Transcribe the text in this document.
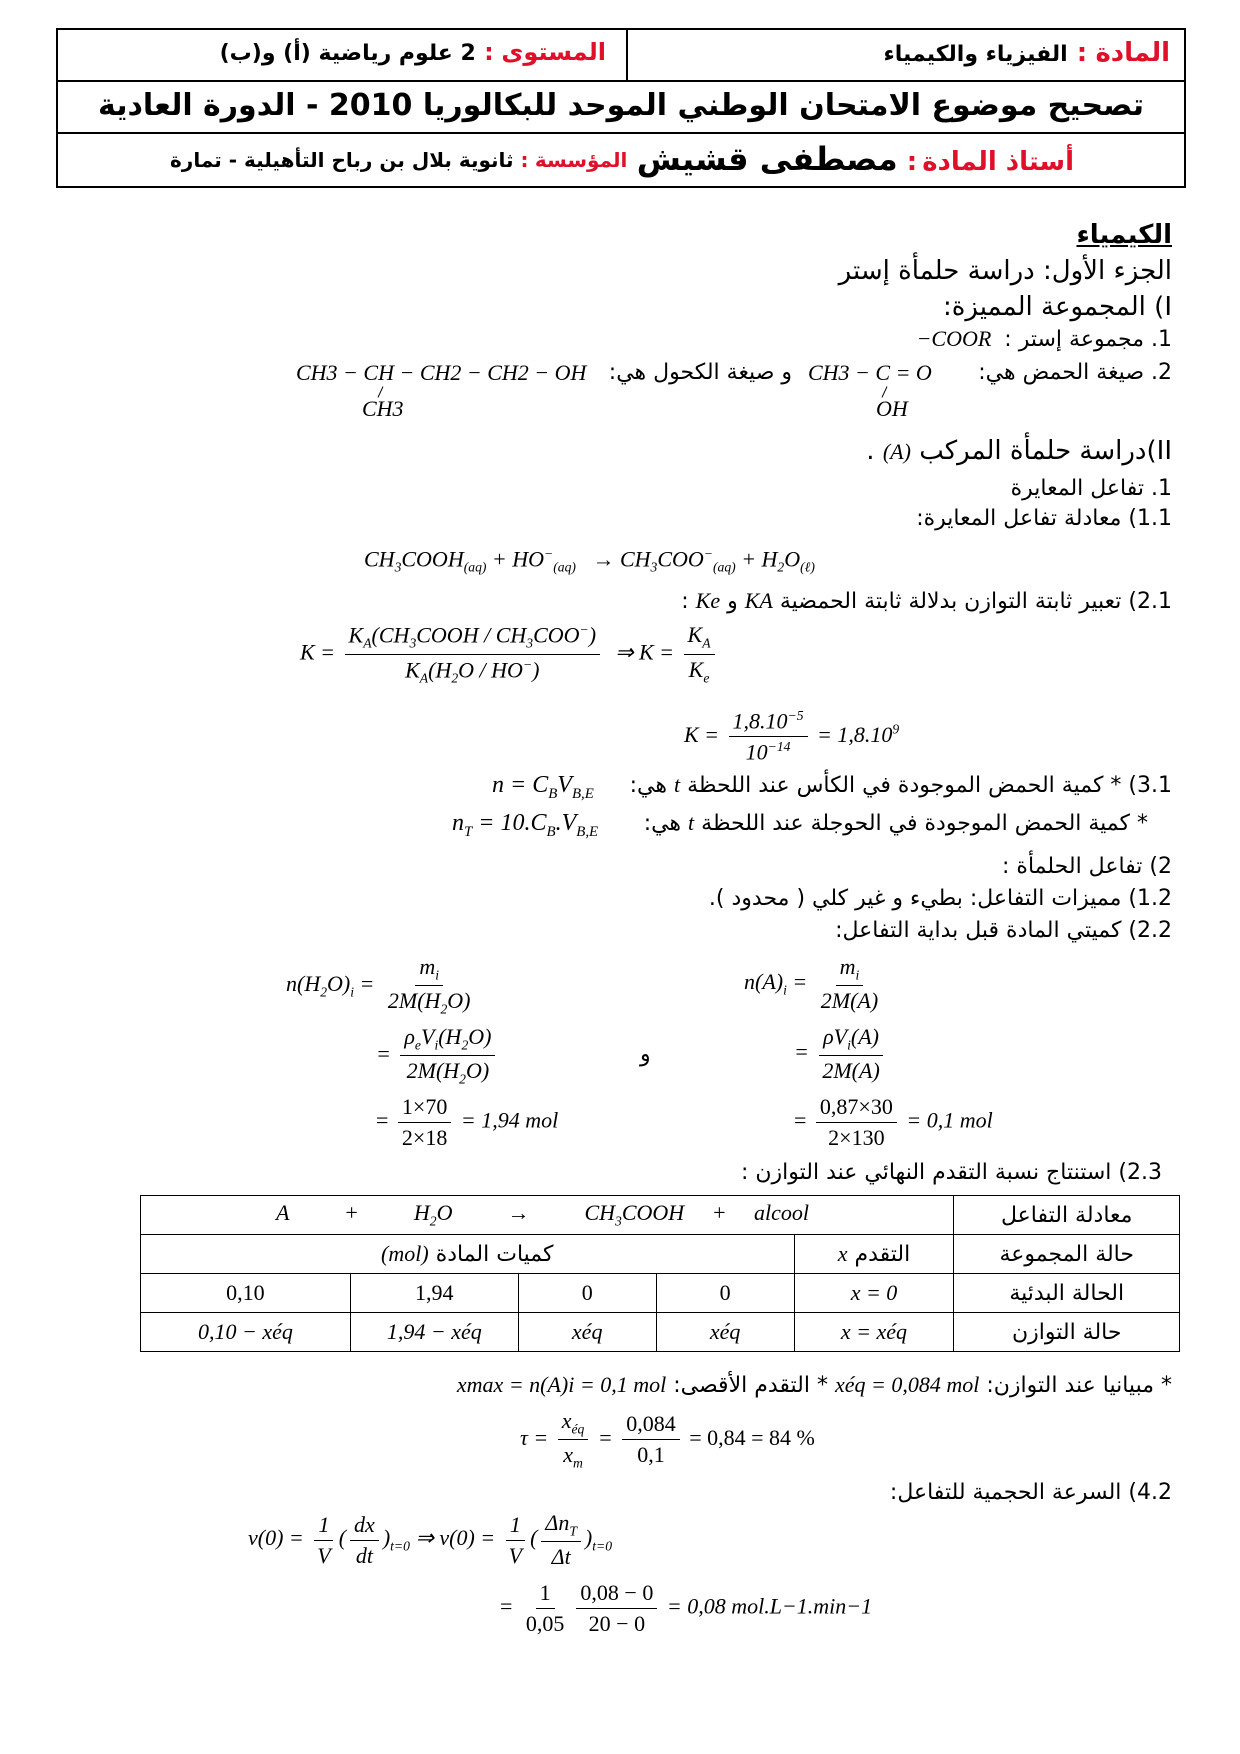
المادة : الفيزياء والكيمياء
المستوى : 2 علوم رياضية (أ) و(ب)
تصحيح موضوع الامتحان الوطني الموحد للبكالوريا 2010 - الدورة العادية
أستاذ المادة : مصطفى قشيش
المؤسسة : ثانوية بلال بن رباح التأهيلية - تمارة
الكيمياء
الجزء الأول: دراسة حلمأة إستر
I) المجموعة المميزة:
1. مجموعة إستر : −COOR
2. صيغة الحمض هي:
CH3 − C = O
OH
و صيغة الكحول هي:
CH3 − CH − CH2 − CH2 − OH
CH3
II)دراسة حلمأة المركب (A) .
1. تفاعل المعايرة
1.1) معادلة تفاعل المعايرة:
$CH_3COOH_{(aq)} + HO^-_{(aq)} \to CH_3COO^-_{(aq)} + H_2O_{(\ell)}$
2.1) تعبير ثابتة التوازن بدلالة ثابتة الحمضية KA و Ke :
$K = \frac{K_A(CH_3COOH / CH_3COO^-)}{K_A(H_2O / HO^-)}$ ⇒ $K = \frac{K_A}{K_e}$
$K = \frac{1,8.10^{-5}}{10^{-14}} = 1,8.10^9$
3.1) * كمية الحمض الموجودة في الكأس عند اللحظة t هي:
$n = C_BV_{B,E}$
* كمية الحمض الموجودة في الحوجلة عند اللحظة t هي:
$n_T = 10.C_B.V_{B,E}$
2) تفاعل الحلمأة :
1.2) مميزات التفاعل: بطيء و غير كلي ( محدود ).
2.2) كميتي المادة قبل بداية التفاعل:
$n(H_2O)_i = \frac{m_i}{2M(H_2O)}$
= $\frac{\rho_eV_i(H_2O)}{2M(H_2O)}$
= $\frac{1\times 70}{2\times 18} = 1,94$ mol
و
$n(A)_i = \frac{m_i}{2M(A)}$
= $\frac{\rho V_i(A)}{2M(A)}$
= $\frac{0,87\times 30}{2\times 130} = 0,1$ mol
2.3) استنتاج نسبة التقدم النهائي عند التوازن :
A          +          $H_2O$          →          $CH_3COOH$     +     alcool					معادلة التفاعل
(mol) كميات المادة				x التقدم	حالة المجموعة
0,10	1,94	0	0	x = 0	الحالة البدئية
0,10 − xéq	1,94 − xéq	xéq	xéq	x = xéq	حالة التوازن
* مبيانيا عند التوازن: xéq = 0,084 mol * التقدم الأقصى: xmax = n(A)i = 0,1 mol
$\tau = \frac{x_{éq}}{x_m} = \frac{0,084}{0,1} = 0,84 = 84$ %
4.2) السرعة الحجمية للتفاعل:
$v(0) = \frac{1}{V}$ ( $\frac{dx}{dt} )_{t=0}$ ⇒ $v(0) = \frac{1}{V}$ ( $\frac{\Delta n_T}{\Delta t} )_{t=0}$
= $\frac{1}{0,05} \frac{0,08 - 0}{20 - 0} = 0,08$ mol.L−1.min−1
